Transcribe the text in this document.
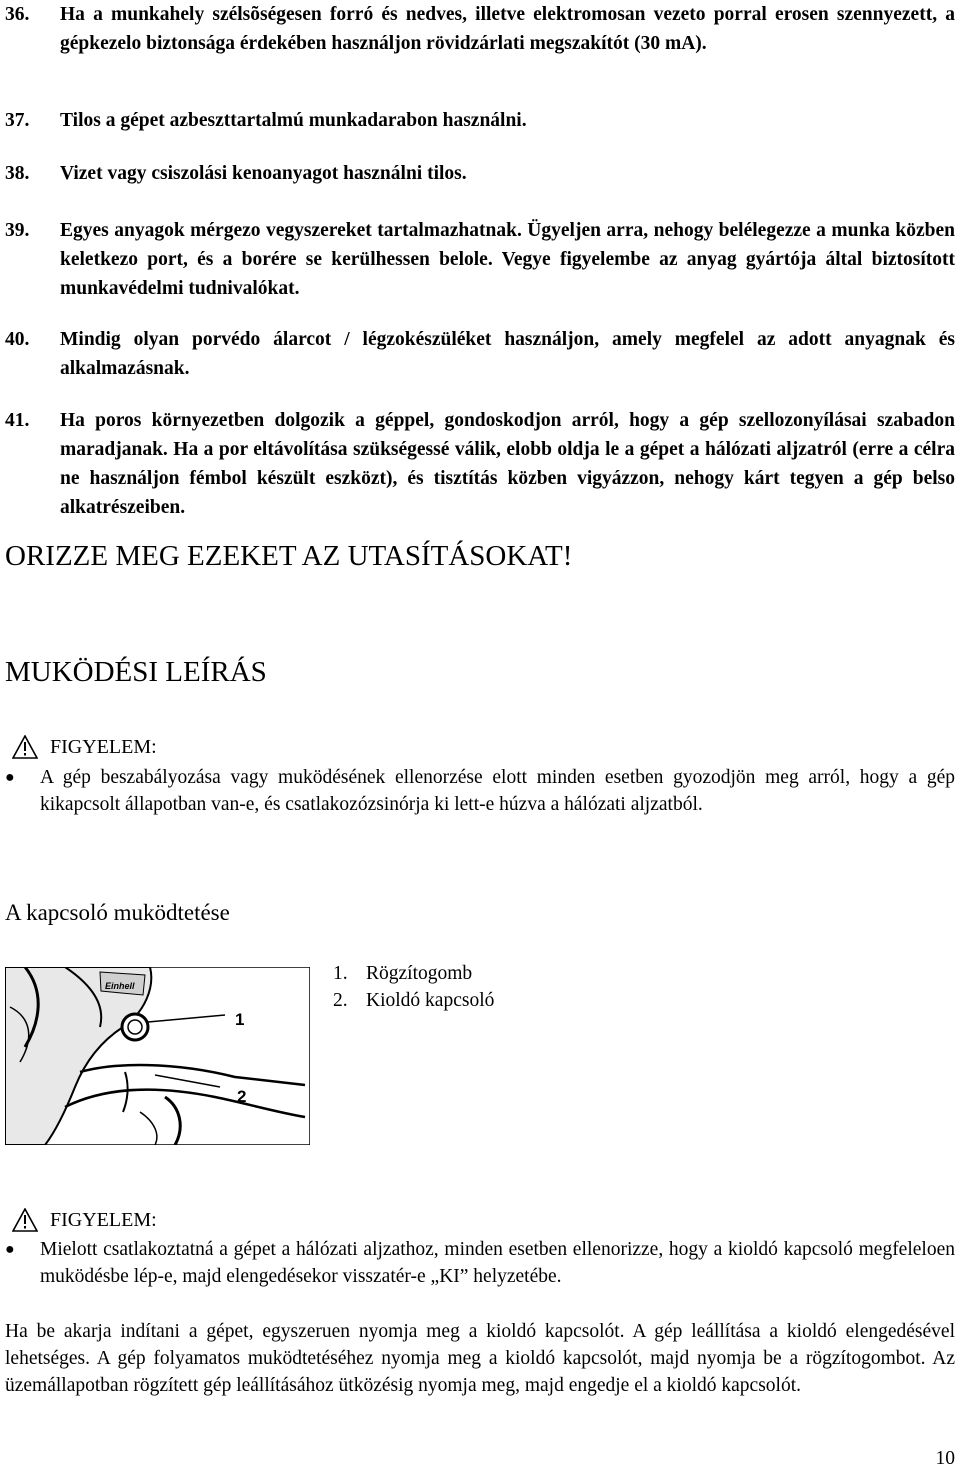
36. Ha a munkahely szélsõségesen forró és nedves, illetve elektromosan vezeto porral erosen szennyezett, a gépkezelo biztonsága érdekében használjon rövidzárlati megszakítót (30 mA).
37. Tilos a gépet azbeszttartalmú munkadarabon használni.
38. Vizet vagy csiszolási kenoanyagot használni tilos.
39. Egyes anyagok mérgezo vegyszereket tartalmazhatnak. Ügyeljen arra, nehogy belélegezze a munka közben keletkezo port, és a borére se kerülhessen belole. Vegye figyelembe az anyag gyártója által biztosított munkavédelmi tudnivalókat.
40. Mindig olyan porvédo álarcot / légzokészüléket használjon, amely megfelel az adott anyagnak és alkalmazásnak.
41. Ha poros környezetben dolgozik a géppel, gondoskodjon arról, hogy a gép szellozonyílásai szabadon maradjanak. Ha a por eltávolítása szükségessé válik, elobb oldja le a gépet a hálózati aljzatról (erre a célra ne használjon fémbol készült eszközt), és tisztítás közben vigyázzon, nehogy kárt tegyen a gép belso alkatrészeiben.
ORIZZE MEG EZEKET AZ UTASÍTÁSOKAT!
MUKÖDÉSI LEÍRÁS
FIGYELEM:
● A gép beszabályozása vagy muködésének ellenorzése elott minden esetben gyozodjön meg arról, hogy a gép kikapcsolt állapotban van-e, és csatlakozózsinórja ki lett-e húzva a hálózati aljzatból.
A kapcsoló muködtetése
Einhell
1
2
1. Rögzítogomb
2. Kioldó kapcsoló
FIGYELEM:
● Mielott csatlakoztatná a gépet a hálózati aljzathoz, minden esetben ellenorizze, hogy a kioldó kapcsoló megfeleloen muködésbe lép-e, majd elengedésekor visszatér-e „KI” helyzetébe.
Ha be akarja indítani a gépet, egyszeruen nyomja meg a kioldó kapcsolót. A gép leállítása a kioldó elengedésével lehetséges. A gép folyamatos muködtetéséhez nyomja meg a kioldó kapcsolót, majd nyomja be a rögzítogombot. Az üzemállapotban rögzített gép leállításához ütközésig nyomja meg, majd engedje el a kioldó kapcsolót.
10
